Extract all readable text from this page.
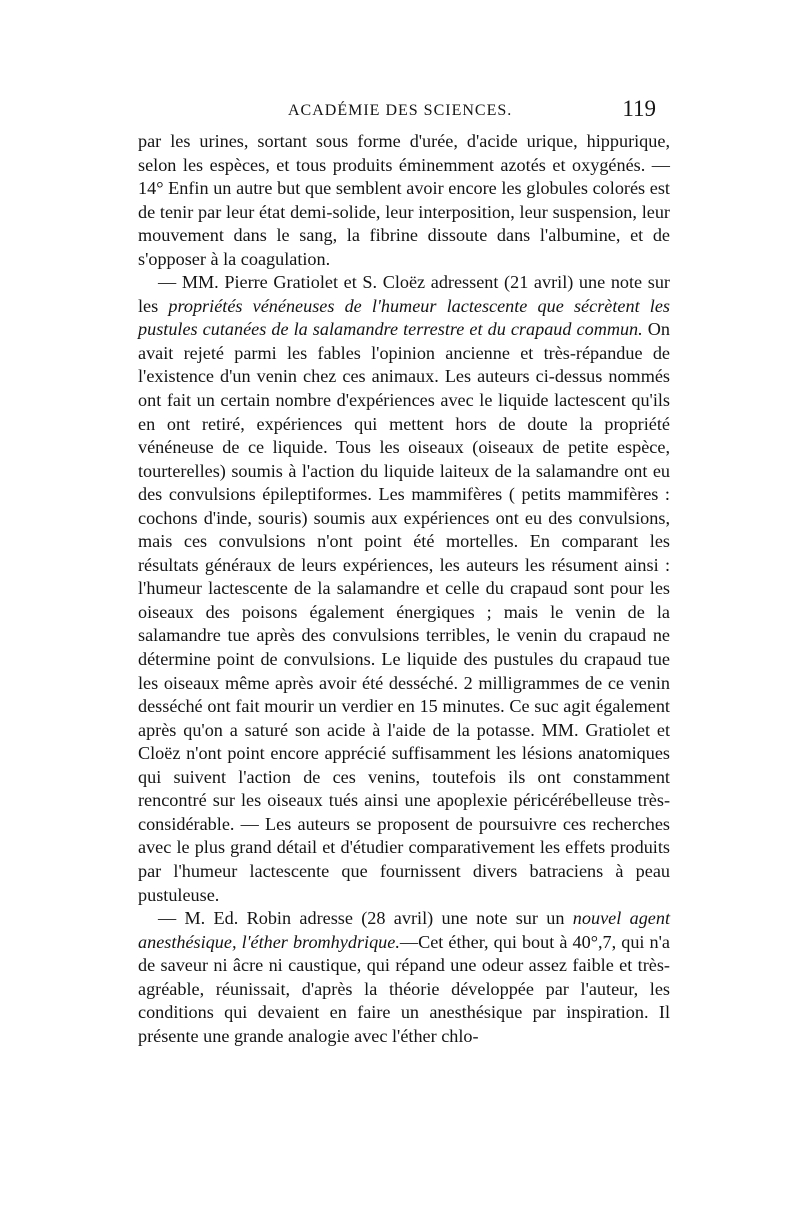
ACADÉMIE DES SCIENCES.	119

par les urines, sortant sous forme d'urée, d'acide urique, hippurique, selon les espèces, et tous produits éminemment azotés et oxygénés. — 14° Enfin un autre but que semblent avoir encore les globules colorés est de tenir par leur état demi-solide, leur interposition, leur suspension, leur mouvement dans le sang, la fibrine dissoute dans l'albumine, et de s'opposer à la coagulation.

— MM. Pierre Gratiolet et S. Cloëz adressent (21 avril) une note sur les propriétés vénéneuses de l'humeur lactescente que sécrètent les pustules cutanées de la salamandre terrestre et du crapaud commun. On avait rejeté parmi les fables l'opinion ancienne et très-répandue de l'existence d'un venin chez ces animaux. Les auteurs ci-dessus nommés ont fait un certain nombre d'expériences avec le liquide lactescent qu'ils en ont retiré, expériences qui mettent hors de doute la propriété vénéneuse de ce liquide. Tous les oiseaux (oiseaux de petite espèce, tourterelles) soumis à l'action du liquide laiteux de la salamandre ont eu des convulsions épileptiformes. Les mammifères ( petits mammifères : cochons d'inde, souris) soumis aux expériences ont eu des convulsions, mais ces convulsions n'ont point été mortelles. En comparant les résultats généraux de leurs expériences, les auteurs les résument ainsi : l'humeur lactescente de la salamandre et celle du crapaud sont pour les oiseaux des poisons également énergiques ; mais le venin de la salamandre tue après des convulsions terribles, le venin du crapaud ne détermine point de convulsions. Le liquide des pustules du crapaud tue les oiseaux même après avoir été desséché. 2 milligrammes de ce venin desséché ont fait mourir un verdier en 15 minutes. Ce suc agit également après qu'on a saturé son acide à l'aide de la potasse. MM. Gratiolet et Cloëz n'ont point encore apprécié suffisamment les lésions anatomiques qui suivent l'action de ces venins, toutefois ils ont constamment rencontré sur les oiseaux tués ainsi une apoplexie péricérébelleuse très-considérable. — Les auteurs se proposent de poursuivre ces recherches avec le plus grand détail et d'étudier comparativement les effets produits par l'humeur lactescente que fournissent divers batraciens à peau pustuleuse.

— M. Ed. Robin adresse (28 avril) une note sur un nouvel agent anesthésique, l'éther bromhydrique.—Cet éther, qui bout à 40°,7, qui n'a de saveur ni âcre ni caustique, qui répand une odeur assez faible et très-agréable, réunissait, d'après la théorie développée par l'auteur, les conditions qui devaient en faire un anesthésique par inspiration. Il présente une grande analogie avec l'éther chlo-
